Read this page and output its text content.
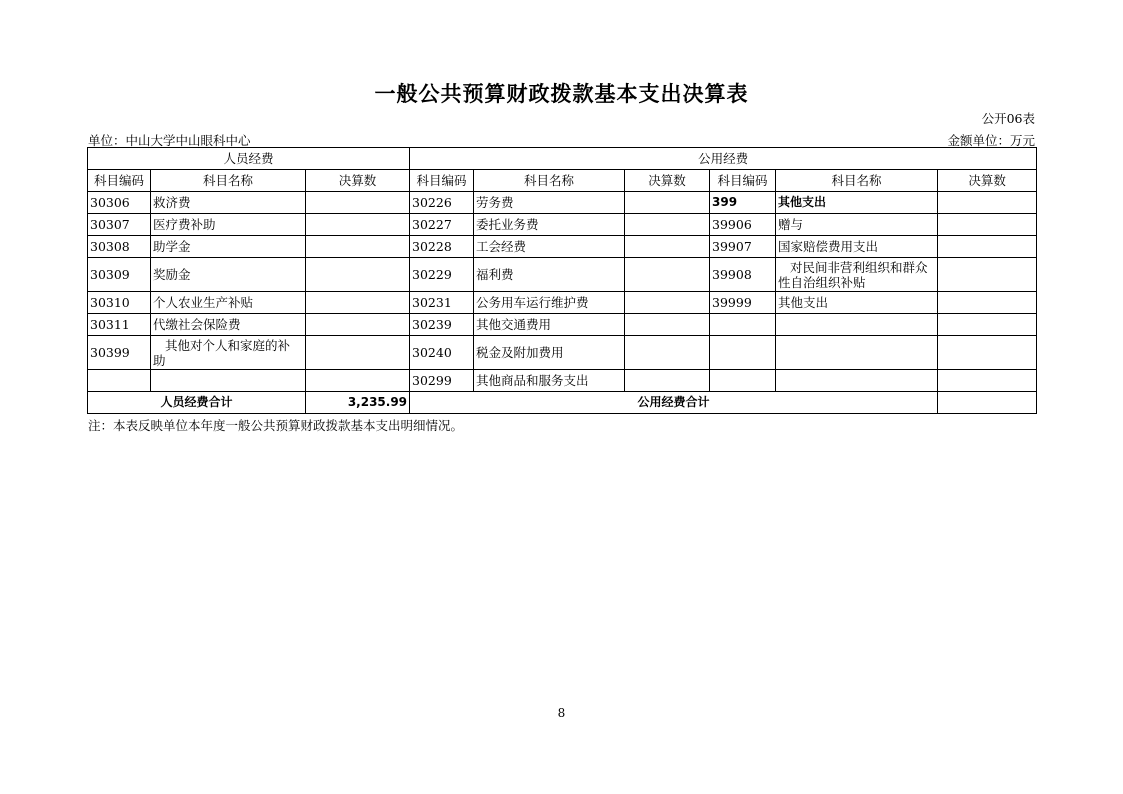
一般公共预算财政拨款基本支出决算表
公开06表
单位：中山大学中山眼科中心	金额单位：万元
人员经费			公用经费					
科目编码	科目名称	决算数	科目编码	科目名称	决算数	科目编码	科目名称	决算数
30306	救济费		30226	劳务费		399	其他支出	
30307	医疗费补助		30227	委托业务费		39906	赠与	
30308	助学金		30228	工会经费		39907	国家赔偿费用支出	
30309	奖励金		30229	福利费		39908	对民间非营利组织和群众
性自治组织补贴	

30310	个人农业生产补贴		30231	公务用车运行维护费		39999	其他支出	
30311	代缴社会保险费		30239	其他交通费用				
30399	其他对个人和家庭的补
助		30240	税金及附加费用				
			30299	其他商品和服务支出				
人员经费合计		3,235.99	公用经费合计					
注：本表反映单位本年度一般公共预算财政拨款基本支出明细情况。
8
